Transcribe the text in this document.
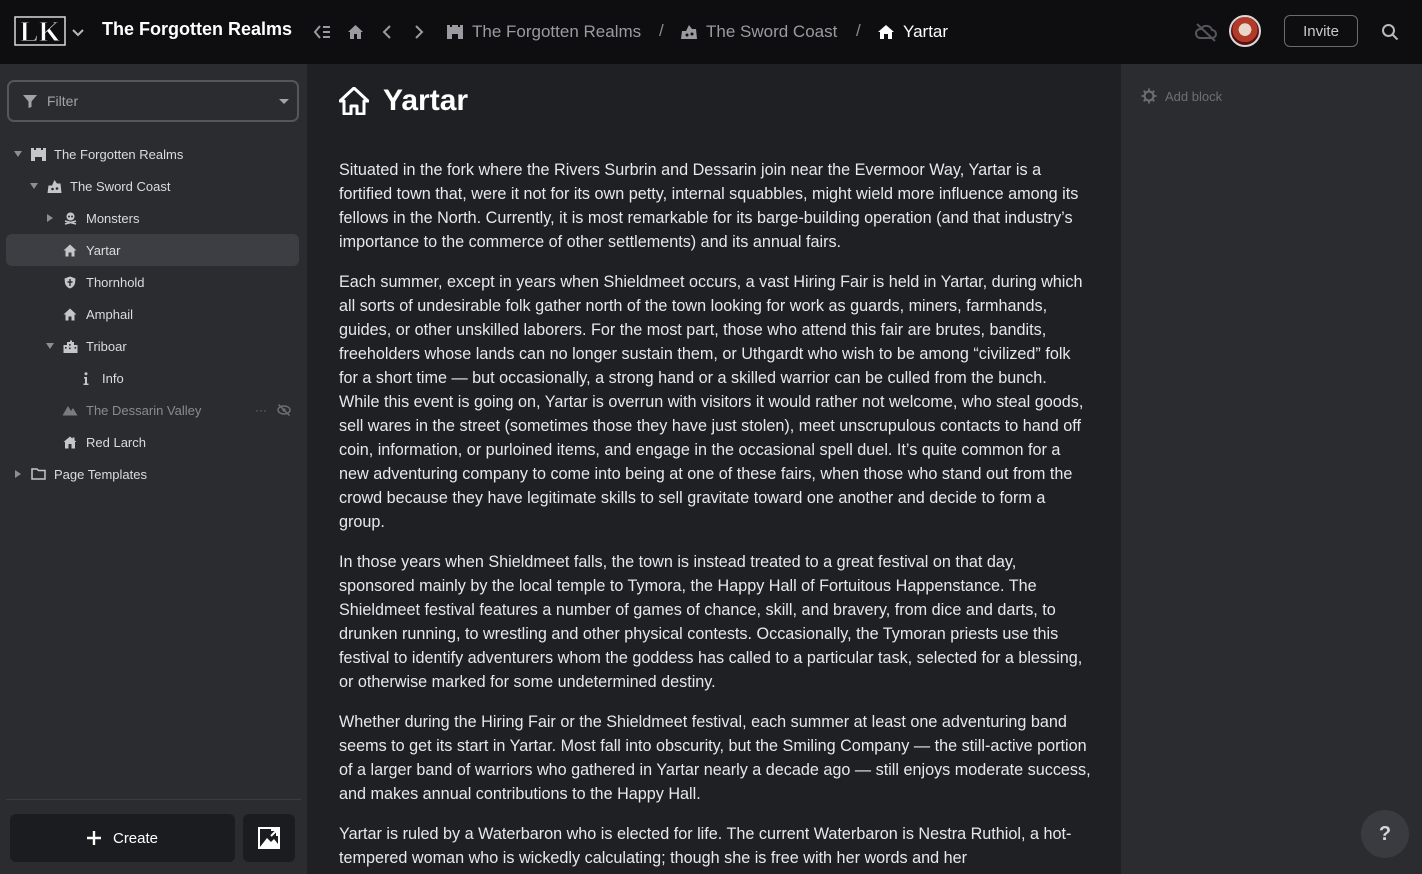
LK The Forgotten Realms	The Forgotten Realms / The Sword Coast / Yartar	Invite
Filter
The Forgotten Realms
The Sword Coast
Monsters
Yartar
Thornhold
Amphail
Triboar
Info
The Dessarin Valley	···
Red Larch
Page Templates
Create
Yartar

Situated in the fork where the Rivers Surbrin and Dessarin join near the Evermoor Way, Yartar is a fortified town that, were it not for its own petty, internal squabbles, might wield more influence among its fellows in the North. Currently, it is most remarkable for its barge-building operation (and that industry’s importance to the commerce of other settlements) and its annual fairs.

Each summer, except in years when Shieldmeet occurs, a vast Hiring Fair is held in Yartar, during which all sorts of undesirable folk gather north of the town looking for work as guards, miners, farmhands, guides, or other unskilled laborers. For the most part, those who attend this fair are brutes, bandits, freeholders whose lands can no longer sustain them, or Uthgardt who wish to be among “civilized” folk for a short time — but occasionally, a strong hand or a skilled warrior can be culled from the bunch. While this event is going on, Yartar is overrun with visitors it would rather not welcome, who steal goods, sell wares in the street (sometimes those they have just stolen), meet unscrupulous contacts to hand off coin, information, or purloined items, and engage in the occasional spell duel. It’s quite common for a new adventuring company to come into being at one of these fairs, when those who stand out from the crowd because they have legitimate skills to sell gravitate toward one another and decide to form a group.

In those years when Shieldmeet falls, the town is instead treated to a great festival on that day, sponsored mainly by the local temple to Tymora, the Happy Hall of Fortuitous Happenstance. The Shieldmeet festival features a number of games of chance, skill, and bravery, from dice and darts, to drunken running, to wrestling and other physical contests. Occasionally, the Tymoran priests use this festival to identify adventurers whom the goddess has called to a particular task, selected for a blessing, or otherwise marked for some undetermined destiny.

Whether during the Hiring Fair or the Shieldmeet festival, each summer at least one adventuring band seems to get its start in Yartar. Most fall into obscurity, but the Smiling Company — the still-active portion of a larger band of warriors who gathered in Yartar nearly a decade ago — still enjoys moderate success, and makes annual contributions to the Happy Hall.

Yartar is ruled by a Waterbaron who is elected for life. The current Waterbaron is Nestra Ruthiol, a hot-tempered woman who is wickedly calculating; though she is free with her words and her

Add block
?
